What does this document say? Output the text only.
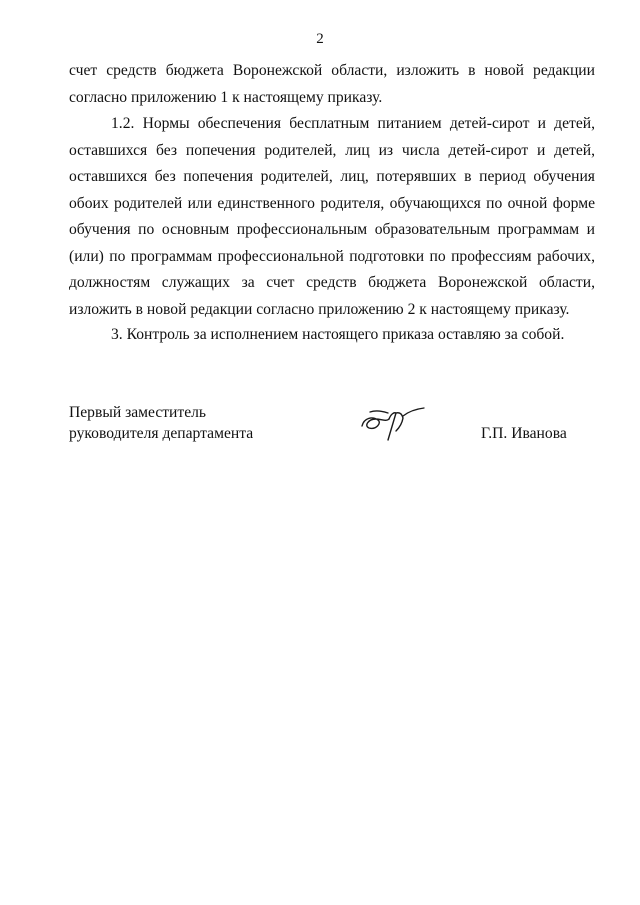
2

счет средств бюджета Воронежской области, изложить в новой редакции согласно приложению 1 к настоящему приказу.

1.2. Нормы обеспечения бесплатным питанием детей-сирот и детей, оставшихся без попечения родителей, лиц из числа детей-сирот и детей, оставшихся без попечения родителей, лиц, потерявших в период обучения обоих родителей или единственного родителя, обучающихся по очной форме обучения по основным профессиональным образовательным программам и (или) по программам профессиональной подготовки по профессиям рабочих, должностям служащих за счет средств бюджета Воронежской области, изложить в новой редакции согласно приложению 2 к настоящему приказу.

3. Контроль за исполнением настоящего приказа оставляю за собой.

Первый заместитель
руководителя департамента	Г.П. Иванова
